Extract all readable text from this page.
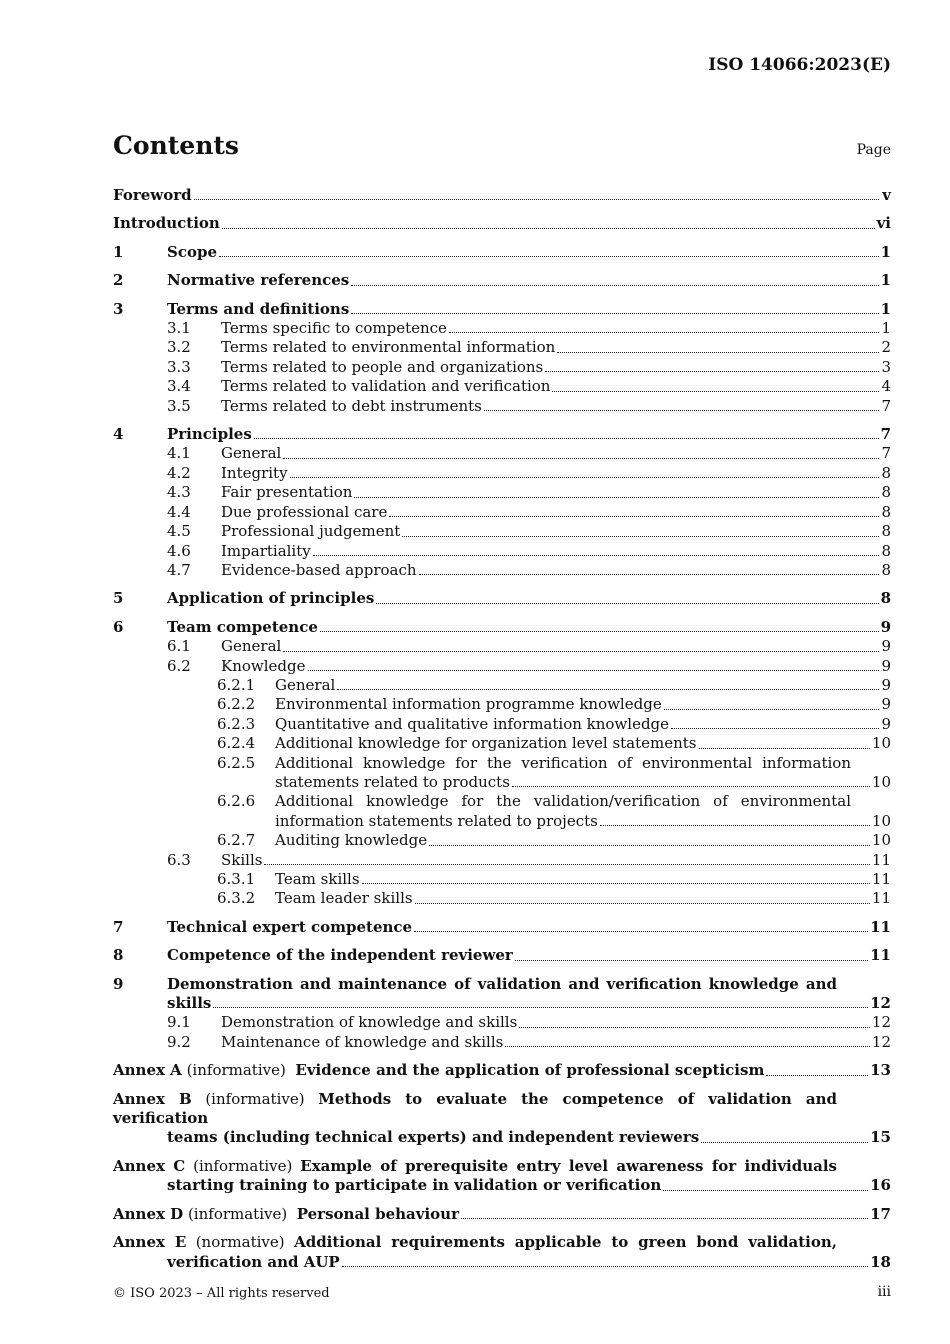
ISO 14066:2023(E)
Contents	Page
Foreword	v
Introduction	vi
1	Scope	1
2	Normative references	1
3	Terms and definitions	1
3.1	Terms specific to competence	1
3.2	Terms related to environmental information	2
3.3	Terms related to people and organizations	3
3.4	Terms related to validation and verification	4
3.5	Terms related to debt instruments	7
4	Principles	7
4.1	General	7
4.2	Integrity	8
4.3	Fair presentation	8
4.4	Due professional care	8
4.5	Professional judgement	8
4.6	Impartiality	8
4.7	Evidence-based approach	8
5	Application of principles	8
6	Team competence	9
6.1	General	9
6.2	Knowledge	9
6.2.1	General	9
6.2.2	Environmental information programme knowledge	9
6.2.3	Quantitative and qualitative information knowledge	9
6.2.4	Additional knowledge for organization level statements	10
6.2.5	Additional knowledge for the verification of environmental information
statements related to products	10
6.2.6	Additional knowledge for the validation/verification of environmental
information statements related to projects	10
6.2.7	Auditing knowledge	10
6.3	Skills	11
6.3.1	Team skills	11
6.3.2	Team leader skills	11
7	Technical expert competence	11
8	Competence of the independent reviewer	11
9	Demonstration and maintenance of validation and verification knowledge and
skills	12
9.1	Demonstration of knowledge and skills	12
9.2	Maintenance of knowledge and skills	12
Annex A (informative) Evidence and the application of professional scepticism	13
Annex B (informative) Methods to evaluate the competence of validation and verification
teams (including technical experts) and independent reviewers	15
Annex C (informative) Example of prerequisite entry level awareness for individuals
starting training to participate in validation or verification	16
Annex D (informative) Personal behaviour	17
Annex E (normative) Additional requirements applicable to green bond validation,
verification and AUP	18
© ISO 2023 – All rights reserved	iii
